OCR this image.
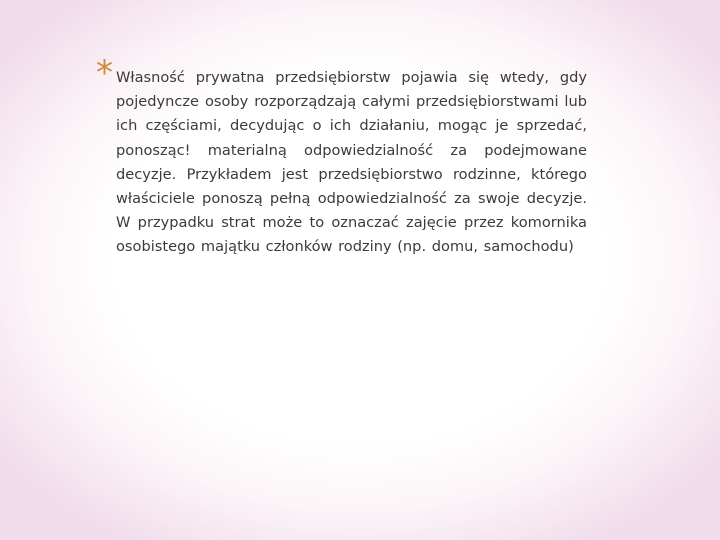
* Własność prywatna przedsiębiorstw pojawia się wtedy, gdy pojedyncze osoby rozporządzają całymi przedsiębiorstwami lub ich częściami, decydując o ich działaniu, mogąc je sprzedać, ponosząc! materialną odpowiedzialność za podejmowane decyzje. Przykładem jest przedsiębiorstwo rodzinne, którego właściciele ponoszą pełną odpowiedzialność za swoje decyzje. W przypadku strat może to oznaczać zajęcie przez komornika osobistego majątku członków rodziny (np. domu, samochodu)
